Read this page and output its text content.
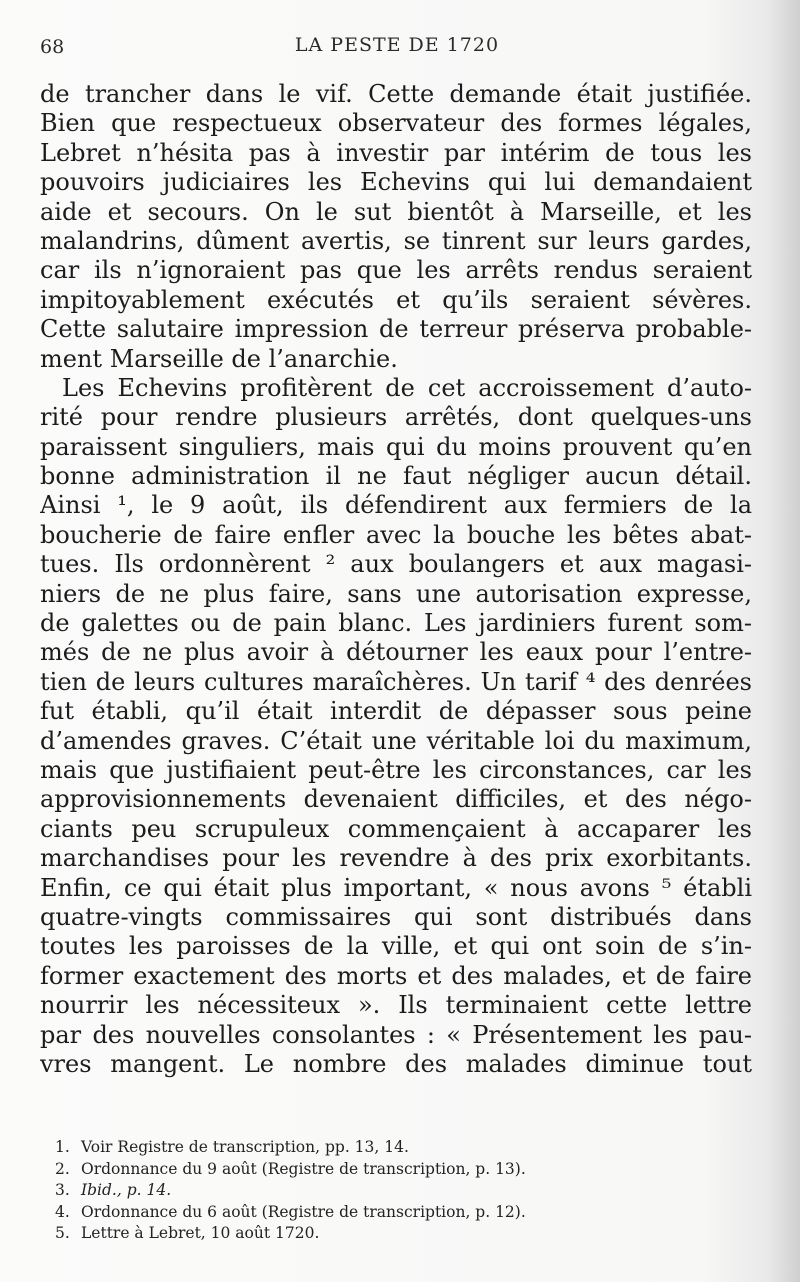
68	LA PESTE DE 1720
de trancher dans le vif. Cette demande était justifiée.
Bien que respectueux observateur des formes légales,
Lebret n’hésita pas à investir par intérim de tous les
pouvoirs judiciaires les Echevins qui lui demandaient
aide et secours. On le sut bientôt à Marseille, et les
malandrins, dûment avertis, se tinrent sur leurs gardes,
car ils n’ignoraient pas que les arrêts rendus seraient
impitoyablement exécutés et qu’ils seraient sévères.
Cette salutaire impression de terreur préserva probable-
ment Marseille de l’anarchie.
Les Echevins profitèrent de cet accroissement d’auto-
rité pour rendre plusieurs arrêtés, dont quelques-uns
paraissent singuliers, mais qui du moins prouvent qu’en
bonne administration il ne faut négliger aucun détail.
Ainsi ¹, le 9 août, ils défendirent aux fermiers de la
boucherie de faire enfler avec la bouche les bêtes abat-
tues. Ils ordonnèrent ² aux boulangers et aux magasi-
niers de ne plus faire, sans une autorisation expresse,
de galettes ou de pain blanc. Les jardiniers furent som-
més de ne plus avoir à détourner les eaux pour l’entre-
tien de leurs cultures maraîchères. Un tarif ⁴ des denrées
fut établi, qu’il était interdit de dépasser sous peine
d’amendes graves. C’était une véritable loi du maximum,
mais que justifiaient peut-être les circonstances, car les
approvisionnements devenaient difficiles, et des négo-
ciants peu scrupuleux commençaient à accaparer les
marchandises pour les revendre à des prix exorbitants.
Enfin, ce qui était plus important, « nous avons ⁵ établi
quatre-vingts commissaires qui sont distribués dans
toutes les paroisses de la ville, et qui ont soin de s’in-
former exactement des morts et des malades, et de faire
nourrir les nécessiteux ». Ils terminaient cette lettre
par des nouvelles consolantes : « Présentement les pau-
vres mangent. Le nombre des malades diminue tout
1. Voir Registre de transcription, pp. 13, 14.
2. Ordonnance du 9 août (Registre de transcription, p. 13).
3. Ibid., p. 14.
4. Ordonnance du 6 août (Registre de transcription, p. 12).
5. Lettre à Lebret, 10 août 1720.
